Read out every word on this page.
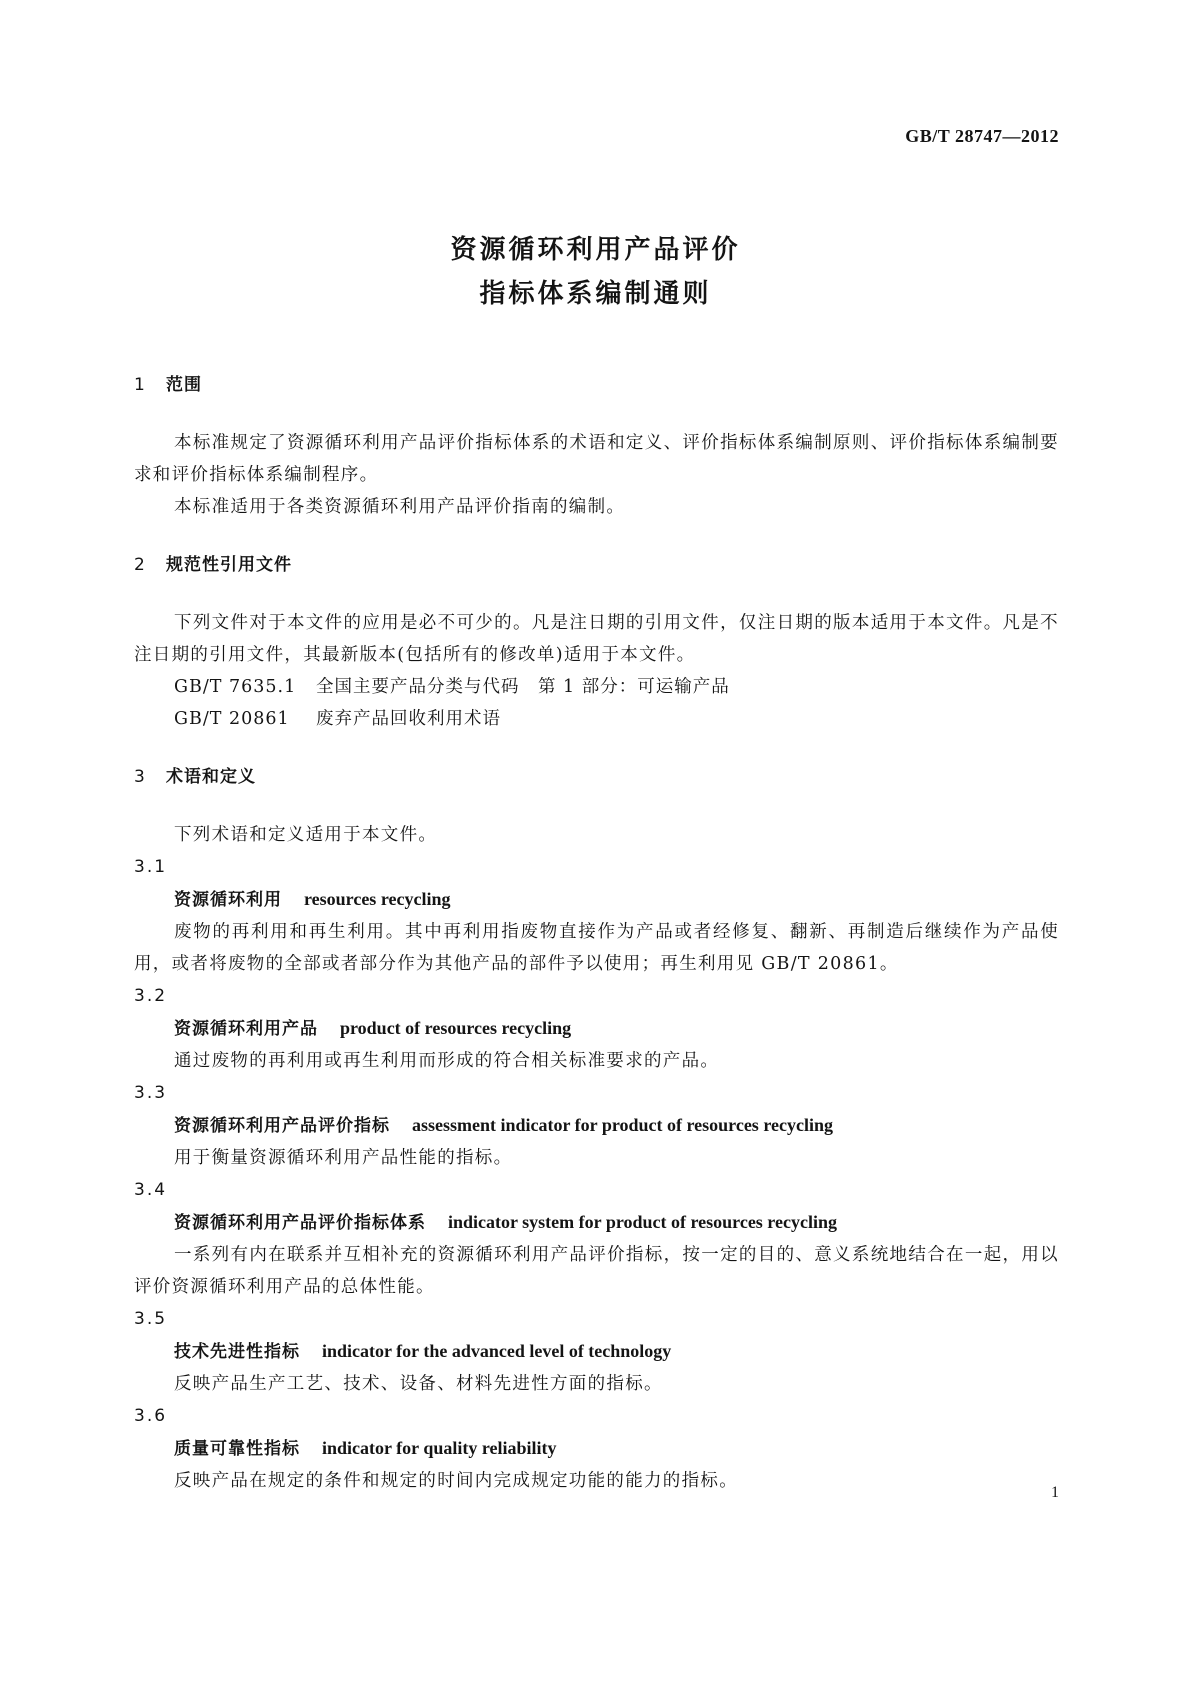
GB/T 28747—2012
资源循环利用产品评价
指标体系编制通则
1 范围
本标准规定了资源循环利用产品评价指标体系的术语和定义、评价指标体系编制原则、评价指标体系编制要求和评价指标体系编制程序。
本标准适用于各类资源循环利用产品评价指南的编制。
2 规范性引用文件
下列文件对于本文件的应用是必不可少的。凡是注日期的引用文件，仅注日期的版本适用于本文件。凡是不注日期的引用文件，其最新版本(包括所有的修改单)适用于本文件。
GB/T 7635.1 全国主要产品分类与代码　第 1 部分：可运输产品
GB/T 20861 废弃产品回收利用术语
3 术语和定义
下列术语和定义适用于本文件。
3.1
资源循环利用 resources recycling
废物的再利用和再生利用。其中再利用指废物直接作为产品或者经修复、翻新、再制造后继续作为产品使用，或者将废物的全部或者部分作为其他产品的部件予以使用；再生利用见 GB/T 20861。
3.2
资源循环利用产品 product of resources recycling
通过废物的再利用或再生利用而形成的符合相关标准要求的产品。
3.3
资源循环利用产品评价指标 assessment indicator for product of resources recycling
用于衡量资源循环利用产品性能的指标。
3.4
资源循环利用产品评价指标体系 indicator system for product of resources recycling
一系列有内在联系并互相补充的资源循环利用产品评价指标，按一定的目的、意义系统地结合在一起，用以评价资源循环利用产品的总体性能。
3.5
技术先进性指标 indicator for the advanced level of technology
反映产品生产工艺、技术、设备、材料先进性方面的指标。
3.6
质量可靠性指标 indicator for quality reliability
反映产品在规定的条件和规定的时间内完成规定功能的能力的指标。
1
